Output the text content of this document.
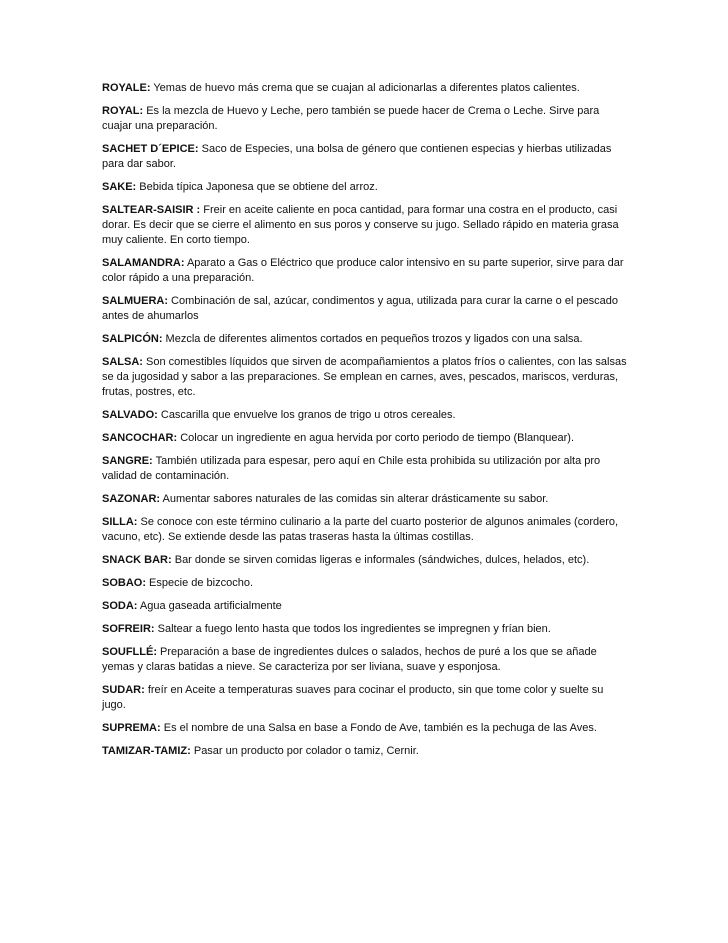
ROYALE: Yemas de huevo más crema que se cuajan al adicionarlas a diferentes platos calientes.

ROYAL: Es la mezcla de Huevo y Leche, pero también se puede hacer de Crema o Leche. Sirve para cuajar una preparación.

SACHET D´EPICE: Saco de Especies, una bolsa de género que contienen especias y hierbas utilizadas para dar sabor.

SAKE: Bebida típica Japonesa que se obtiene del arroz.

SALTEAR-SAISIR : Freir en aceite caliente en poca cantidad, para formar una costra en el producto, casi dorar. Es decir que se cierre el alimento en sus poros y conserve su jugo. Sellado rápido en materia grasa muy caliente. En corto tiempo.

SALAMANDRA: Aparato a Gas o Eléctrico que produce calor intensivo en su parte superior, sirve para dar color rápido a una preparación.

SALMUERA: Combinación de sal, azúcar, condimentos y agua, utilizada para curar la carne o el pescado antes de ahumarlos

SALPICÓN: Mezcla de diferentes alimentos cortados en pequeños trozos y ligados con una salsa.

SALSA: Son comestibles líquidos que sirven de acompañamientos a platos fríos o calientes, con las salsas se da jugosidad y sabor a las preparaciones. Se emplean en carnes, aves, pescados, mariscos, verduras, frutas, postres, etc.

SALVADO: Cascarilla que envuelve los granos de trigo u otros cereales.

SANCOCHAR: Colocar un ingrediente en agua hervida por corto periodo de tiempo (Blanquear).

SANGRE: También utilizada para espesar, pero aquí en Chile esta prohibida su utilización por alta pro validad de contaminación.

SAZONAR: Aumentar sabores naturales de las comidas sin alterar drásticamente su sabor.

SILLA: Se conoce con este término culinario a la parte del cuarto posterior de algunos animales (cordero, vacuno, etc). Se extiende desde las patas traseras hasta la últimas costillas.

SNACK BAR: Bar donde se sirven comidas ligeras e informales (sándwiches, dulces, helados, etc).

SOBAO: Especie de bizcocho.

SODA: Agua gaseada artificialmente

SOFREIR: Saltear a fuego lento hasta que todos los ingredientes se impregnen y frían bien.

SOUFLLÉ: Preparación a base de ingredientes dulces o salados, hechos de puré a los que se añade yemas y claras batidas a nieve. Se caracteriza por ser liviana, suave y esponjosa.

SUDAR: freír en Aceite a temperaturas suaves para cocinar el producto, sin que tome color y suelte su jugo.

SUPREMA: Es el nombre de una Salsa en base a Fondo de Ave, también es la pechuga de las Aves.

TAMIZAR-TAMIZ: Pasar un producto por colador o tamiz, Cernir.
